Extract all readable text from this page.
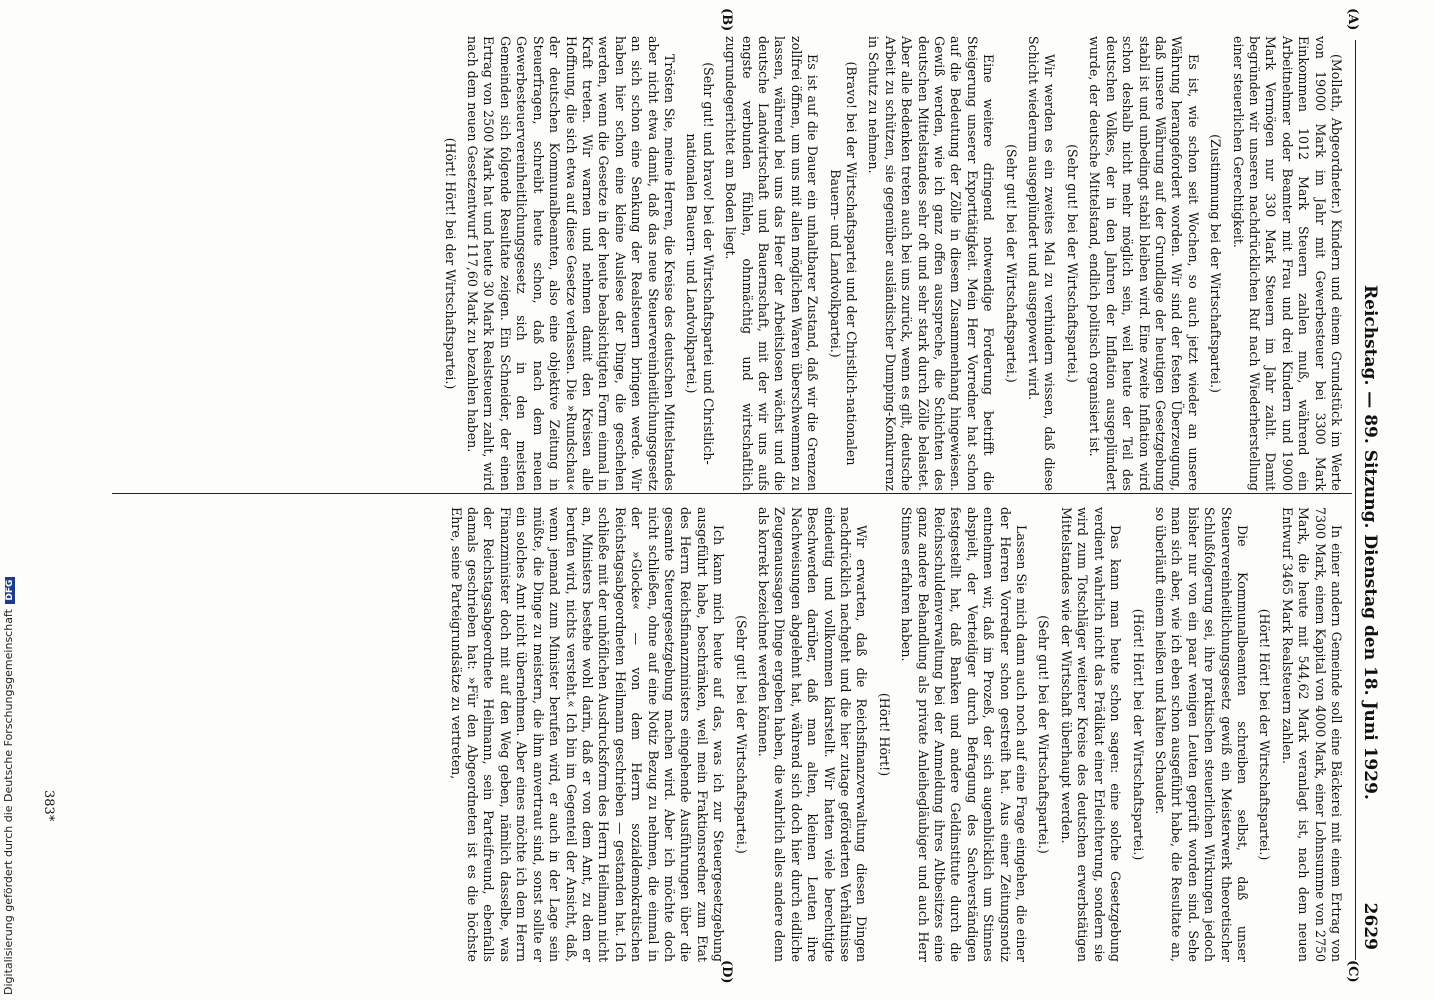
Reichstag. — 89. Sitzung. Dienstag den 18. Juni 1929.
2629
(A)
(B)
(C)
(D)

(Mollath, Abgeordneter.) Kindern und einem Grundstück im Werte von 19000 Mark im Jahr mit Gewerbesteuer bei 3300 Mark Einkommen 1012 Mark Steuern zahlen muß, während ein Arbeitnehmer oder Beamter mit Frau und drei Kindern und 19000 Mark Vermögen nur 330 Mark Steuern im Jahr zahlt. Damit begründen wir unseren nachdrücklichen Ruf nach Wiederherstellung einer steuerlichen Gerechtigkeit.

(Zustimmung bei der Wirtschaftspartei.)

Es ist, wie schon seit Wochen, so auch jetzt wieder an unsere Währung herangefordert worden. Wir sind der festen Überzeugung, daß unsere Währung auf der Grundlage der heutigen Gesetzgebung stabil ist und unbedingt stabil bleiben wird. Eine zweite Inflation wird schon deshalb nicht mehr möglich sein, weil heute der Teil des deutschen Volkes, der in den Jahren der Inflation ausgeplündert wurde, der deutsche Mittelstand, endlich politisch organisiert ist.

(Sehr gut! bei der Wirtschaftspartei.)

Wir werden es ein zweites Mal zu verhindern wissen, daß diese Schicht wiederum ausgeplündert und ausgepowert wird.

(Sehr gut! bei der Wirtschaftspartei.)

Eine weitere dringend notwendige Forderung betrifft die Steigerung unserer Exporttätigkeit. Mein Herr Vorredner hat schon auf die Bedeutung der Zölle in diesem Zusammenhang hingewiesen. Gewiß werden, wie ich ganz offen ausspreche, die Schichten des deutschen Mittelstandes sehr oft und sehr stark durch Zölle belastet. Aber alle Bedenken treten auch bei uns zurück, wenn es gilt, deutsche Arbeit zu schützen, sie gegenüber ausländischer Dumping-Konkurrenz in Schutz zu nehmen.

(Bravo! bei der Wirtschaftspartei und der Christlich-nationalen Bauern- und Landvolkpartei.)

Es ist auf die Dauer ein unhaltbarer Zustand, daß wir die Grenzen zollfrei öffnen, um uns mit allen möglichen Waren überschwemmen zu lassen, während bei uns das Heer der Arbeitslosen wächst und die deutsche Landwirtschaft und Bauernschaft, mit der wir uns aufs engste verbunden fühlen, ohnmächtig und wirtschaftlich zugrundegerichtet am Boden liegt.

(Sehr gut! und bravo! bei der Wirtschaftspartei und Christlich-nationalen Bauern- und Landvolkpartei.)

Trösten Sie, meine Herren, die Kreise des deutschen Mittelstandes aber nicht etwa damit, daß das neue Steuervereinheitlichungsgesetz an sich schon eine Senkung der Realsteuern bringen werde. Wir haben hier schon eine kleine Auslese der Dinge, die geschehen werden, wenn die Gesetze in der heute beabsichtigten Form einmal in Kraft treten. Wir warnen und nehmen damit den Kreisen alle Hoffnung, die sich etwa auf diese Gesetze verlassen. Die »Rundschau« der deutschen Kommunalbeamten, also eine objektive Zeitung in Steuerfragen, schreibt heute schon, daß nach dem neuen Gewerbesteuervereinheitlichungsgesetz sich in den meisten Gemeinden sich folgende Resultate zeigen. Ein Schneider, der einen Ertrag von 2500 Mark hat und heute 30 Mark Realsteuern zahlt, wird nach dem neuen Gesetzentwurf 117,60 Mark zu bezahlen haben.

(Hört! Hört! bei der Wirtschaftspartei.)

In einer andern Gemeinde soll eine Bäckerei mit einem Ertrag von 7300 Mark, einem Kapital von 4000 Mark, einer Lohnsumme von 2750 Mark, die heute mit 544,62 Mark veranlagt ist, nach dem neuen Entwurf 3465 Mark Realsteuern zahlen.

(Hört! Hört! bei der Wirtschaftspartei.)

Die Kommunalbeamten schreiben selbst, daß unser Steuervereinheitlichungsgesetz gewiß ein Meisterwerk theoretischer Schlußfolgerung sei, ihre praktischen steuerlichen Wirkungen jedoch bisher nur von ein paar wenigen Leuten geprüft worden sind. Sehe man sich aber, wie ich eben schon ausgeführt habe, die Resultate an, so überläuft einem heißen und kalten Schauder.

(Hört! Hört! bei der Wirtschaftspartei.)

Das kann man heute schon sagen: eine solche Gesetzgebung verdient wahrlich nicht das Prädikat einer Erleichterung, sondern sie wird zum Totschläger weiterer Kreise des deutschen erwerbstätigen Mittelstandes wie der Wirtschaft überhaupt werden.

(Sehr gut! bei der Wirtschaftspartei.)

Lassen Sie mich dann auch noch auf eine Frage eingehen, die einer der Herren Vorredner schon gestreift hat. Aus einer Zeitungsnotiz entnehmen wir, daß im Prozeß, der sich augenblicklich um Stinnes abspielt, der Verteidiger durch Befragung des Sachverständigen festgestellt hat, daß Banken und andere Geldinstitute durch die Reichsschuldenverwaltung bei der Anmeldung ihres Altbesitzes eine ganz andere Behandlung als private Anleihegläubiger und auch Herr Stinnes erfahren haben.

(Hört! Hört!)

Wir erwarten, daß die Reichsfinanzverwaltung diesen Dingen nachdrücklich nachgeht und die hier zutage geförderten Verhältnisse eindeutig und vollkommen klarstellt. Wir hatten viele berechtigte Beschwerden darüber, daß man alten, kleinen Leuten ihre Nachweisungen abgelehnt hat, während sich doch hier durch eidliche Zeugenaussagen Dinge ergeben haben, die wahrlich alles andere denn als korrekt bezeichnet werden können.

(Sehr gut! bei der Wirtschaftspartei.)

Ich kann mich heute auf das, was ich zur Steuergesetzgebung ausgeführt habe, beschränken, weil mein Fraktionsredner zum Etat des Herrn Reichsfinanzministers eingehende Ausführungen über die gesamte Steuergesetzgebung machen wird. Aber ich möchte doch nicht schließen, ohne auf eine Notiz Bezug zu nehmen, die einmal in der »Glocke« — von dem Herrn sozialdemokratischen Reichstagsabgeordneten Heilmann geschrieben — gestanden hat. Ich schließe mit der unhöflichen Ausdrucksform des Herrn Heilmann nicht an, Ministers bestehe wohl darin, daß er von dem Amt, zu dem er berufen wird, nichts versteht.« Ich bin im Gegenteil der Ansicht, daß, wenn jemand zum Minister berufen wird, er auch in der Lage sein müßte, die Dinge zu meistern, die ihm anvertraut sind, sonst sollte er ein solches Amt nicht übernehmen. Aber eines möchte ich dem Herrn Finanzminister doch mit auf den Weg geben, nämlich dasselbe, was der Reichstagsabgeordnete Heilmann, sein Parteifreund, ebenfalls damals geschrieben hat: »Für den Abgeordneten ist es die höchste Ehre, seine Parteigrundsätze zu vertreten,

383*
Digitalisierung gefördert durch die Deutsche Forschungsgemeinschaft DFG
